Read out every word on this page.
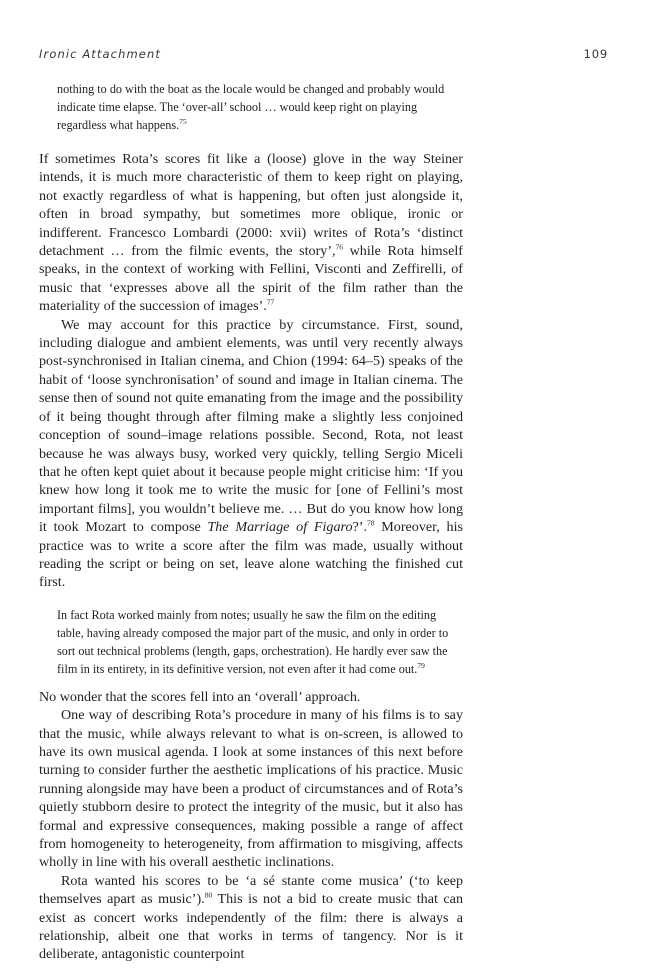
Ironic Attachment	109

nothing to do with the boat as the locale would be changed and probably would indicate time elapse. The ‘over-all’ school … would keep right on playing regardless what happens.$^{75}$

If sometimes Rota’s scores fit like a (loose) glove in the way Steiner intends, it is much more characteristic of them to keep right on playing, not exactly regardless of what is happening, but often just alongside it, often in broad sympathy, but sometimes more oblique, ironic or indifferent. Francesco Lombardi (2000: xvii) writes of Rota’s ‘distinct detachment … from the filmic events, the story’,$^{76}$ while Rota himself speaks, in the context of working with Fellini, Visconti and Zeffirelli, of music that ‘expresses above all the spirit of the film rather than the materiality of the succession of images’.$^{77}$

We may account for this practice by circumstance. First, sound, including dialogue and ambient elements, was until very recently always post-synchronised in Italian cinema, and Chion (1994: 64–5) speaks of the habit of ‘loose synchronisation’ of sound and image in Italian cinema. The sense then of sound not quite emanating from the image and the possibility of it being thought through after filming make a slightly less conjoined conception of sound–image relations possible. Second, Rota, not least because he was always busy, worked very quickly, telling Sergio Miceli that he often kept quiet about it because people might criticise him: ‘If you knew how long it took me to write the music for [one of Fellini’s most important films], you wouldn’t believe me. … But do you know how long it took Mozart to compose The Marriage of Figaro?’.$^{78}$ Moreover, his practice was to write a score after the film was made, usually without reading the script or being on set, leave alone watching the finished cut first.

In fact Rota worked mainly from notes; usually he saw the film on the editing table, having already composed the major part of the music, and only in order to sort out technical problems (length, gaps, orchestration). He hardly ever saw the film in its entirety, in its definitive version, not even after it had come out.$^{79}$

No wonder that the scores fell into an ‘overall’ approach.

One way of describing Rota’s procedure in many of his films is to say that the music, while always relevant to what is on-screen, is allowed to have its own musical agenda. I look at some instances of this next before turning to consider further the aesthetic implications of his practice. Music running alongside may have been a product of circumstances and of Rota’s quietly stubborn desire to protect the integrity of the music, but it also has formal and expressive consequences, making possible a range of affect from homogeneity to heterogeneity, from affirmation to misgiving, affects wholly in line with his overall aesthetic inclinations.

Rota wanted his scores to be ‘a sé stante come musica’ (‘to keep themselves apart as music’).$^{80}$ This is not a bid to create music that can exist as concert works independently of the film: there is always a relationship, albeit one that works in terms of tangency. Nor is it deliberate, antagonistic counterpoint
